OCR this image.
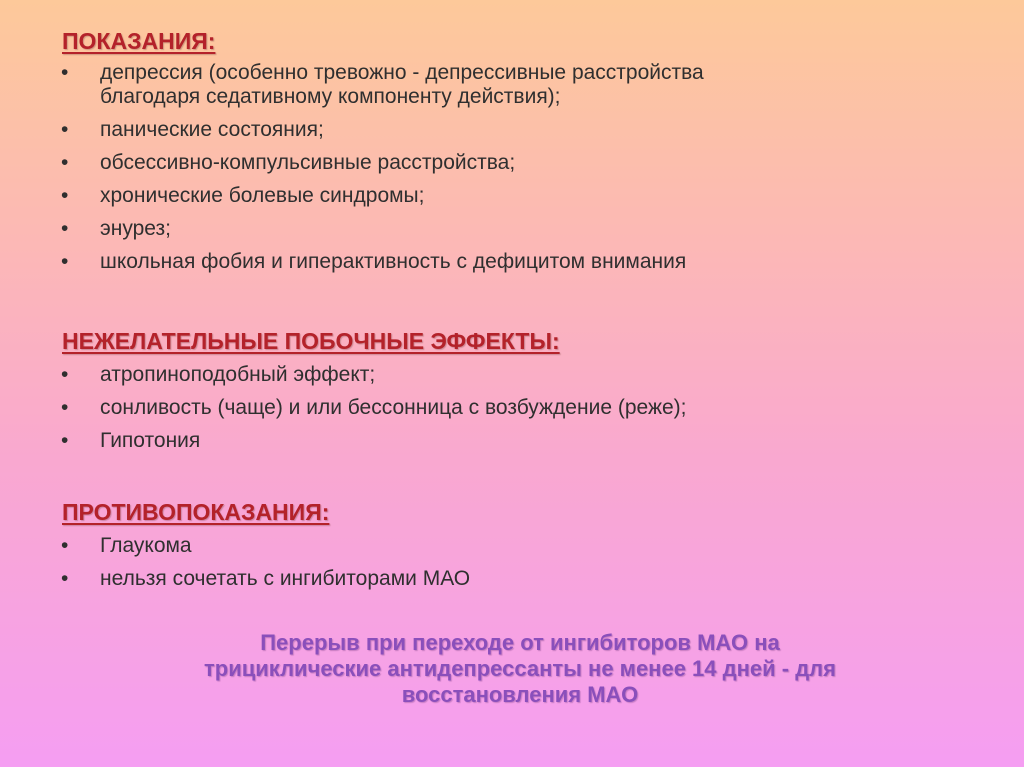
ПОКАЗАНИЯ:
• депрессия (особенно тревожно - депрессивные расстройства
благодаря седативному компоненту действия);
• панические состояния;
• обсессивно-компульсивные расстройства;
• хронические болевые синдромы;
• энурез;
• школьная фобия и гиперактивность с дефицитом внимания
НЕЖЕЛАТЕЛЬНЫЕ ПОБОЧНЫЕ ЭФФЕКТЫ:
• атропиноподобный эффект;
• сонливость (чаще) и или бессонница с возбуждение (реже);
• Гипотония
ПРОТИВОПОКАЗАНИЯ:
• Глаукома
• нельзя сочетать с ингибиторами МАО
Перерыв при переходе от ингибиторов МАО на
трициклические антидепрессанты не менее 14 дней - для
восстановления МАО
